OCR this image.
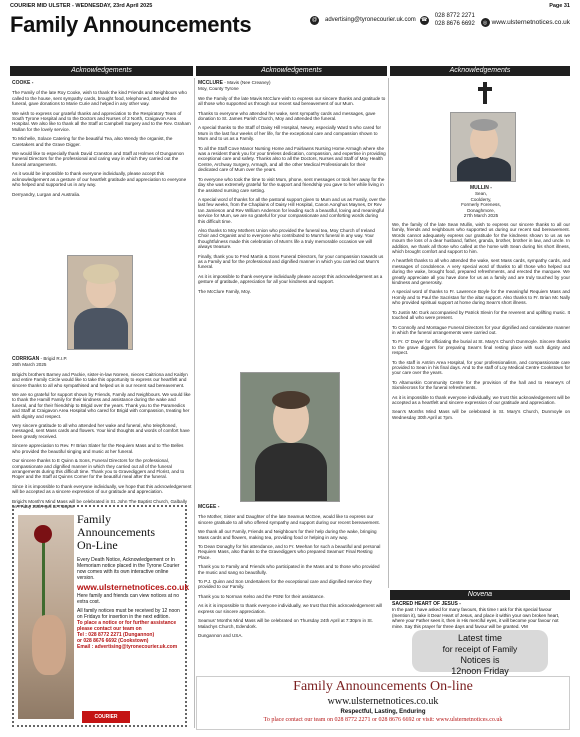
COURIER MID ULSTER - WEDNESDAY, 23rd April 2025	Page 31
Family Announcements	@	advertising@tyronecourier.uk.com ☎
028 8772 2271
028 8676 6692	◎ www.ulsternetnotices.co.uk
Acknowledgements	Acknowledgements	Acknowledgements

COOKE -

The Family of the late Roy Cooke, wish to thank the kind Friends and Neighbours who called to the house, sent sympathy cards, brought food, telephoned, attended the funeral, gave donations to Marie Curie and helped in any other way.

We wish to express our grateful thanks and appreciation to the Respiratory Team of South Tyrone Hospital and to the Doctors and Nurses of 2 North, Craigavon Area Hospital. We also like to thank all the Staff at Campbell Surgery and to the Rev. Graham Mullan for the lovely service.

To Michelle, Solace Catering for the beautiful Tea, also Wendy the organist, the Caretakers and the Grave Digger.

We would like to especially thank David Cranston and Staff at Holmes of Dungannon Funeral Directors for the professional and caring way in which they carried out the funeral arrangements.

As it would be impossible to thank everyone individually, please accept this acknowledgement as a gesture of our heartfelt gratitude and appreciation to everyone who helped and supported us in any way.

Derryandry, Lurgan and Australia.

CORRIGAN - Brigid R.I.P.

26th March 2025

Brigid's brothers Barney and Packie, sister-in-law Noreen, nieces Caitriona and Kaitlyn and entire Family Circle would like to take this opportunity to express our heartfelt and sincere thanks to all who sympathised and helped us in our recent sad bereavement.

We are so grateful for support shown by Friends, Family and Neighbours. We would like to thank the Hamill Family for their kindness and assistance during the wake and funeral, and for their friendship to Brigid over the years. Thank you to the Paramedics and Staff at Craigavon Area Hospital who cared for Brigid with compassion, treating her with dignity and respect.

Very sincere gratitude to all who attended her wake and funeral, who telephoned, messaged, sent Mass cards and flowers. Your kind thoughts and words of comfort have been greatly received.

Sincere appreciation to Rev. Fr Brian Slater for the Requiem Mass and to The Belles who provided the beautiful singing and music at her funeral.

Our sincere thanks to E Quinn & Sons, Funeral Directors for the professional, compassionate and dignified manner in which they carried out all of the funeral arrangements during this difficult time. Thank you to Gravediggers and Florist, and to Roger and the Staff at Quinns Corner for the beautiful meal after the funeral.

Since it is impossible to thank everyone individually, we hope that this acknowledgement will be accepted as a sincere expression of our gratitude and appreciation.

Brigid's Month's Mind Mass will be celebrated in St. John The Baptist Church, Galbally on Friday 25th April at 7.30pm.

Family
Announcements
On-Line
Every Death Notice, Acknowledgement or In Memoriam notice placed in the Tyrone Courier now comes with its own interactive online version.
www.ulsternetnotices.co.uk
Here family and friends can view notices at no extra cost.
All family notices must be received by 12 noon on Fridays for insertion in the next edition.
To place a notice or for further assistance please contact our team on
Tel : 028 8772 2271 (Dungannon)
or 028 8676 6692 (Cookstown)
Email : advertising@tyronecourier.uk.com
COURIER

MCCLURE - Mavis (Nee Creaney)

Moy, County Tyrone

We the Family of the late Mavis McClure wish to express our sincere thanks and gratitude to all those who supported us through our recent sad bereavement of our Mum.

Thanks to everyone who attended her wake, sent sympathy cards and messages, gave donation to St. James Parish Church, Moy and attended the funeral.

A special thanks to the Staff of Daisy Hill Hospital, Newry, especially Ward 5 who cared for Mum in the last four weeks of her life, for the exceptional care and compassion shown to Mum and to us as a Family.

To all the Staff Cove Manor Nursing Home and Fairlawns Nursing Home Armagh where she was a resident thank you for your tireless dedication, compassion, and expertise in providing exceptional care and safety. Thanks also to all the Doctors, Nurses and Staff of Moy Health Centre, Archway Surgery, Armagh, and all the other Medical Professionals for their dedicated care of Mum over the years.

To everyone who took the time to visit Mum, phone, sent messages or took her away for the day she was extremely grateful for the support and friendship you gave to her while living in the assisted nursing care setting.

A special word of thanks for all the pastoral support given to Mum and us as Family, over the last few weeks, from the Chaplains of Daisy Hill Hospital, Canon Aonghus Maynes, Dr Rev Ian Jamieson and Rev William Anderson for leading such a beautiful, loving and meaningful service for Mum, we are so grateful for your compassionate and comforting words during this difficult time.

Also thanks to Moy Mothers Union who provided the funeral tea, Moy Church of Ireland Choir and Organist and to everyone who contributed to Mum's funeral in any way. Your thoughtfulness made this celebration of Mum's life a truly memorable occasion we will always treasure.

Finally, thank you to Fred Martin & Sons Funeral Directors, for your compassion towards us as a Family and for the professional and dignified manner in which you carried out Mum's funeral.

As it is impossible to thank everyone individually please accept this acknowledgement as a gesture of gratitude, appreciation for all your kindness and support.

The McClure Family, Moy.

MCGEE -

The Mother, Sister and Daughter of the late Seamus McGee, would like to express our sincere gratitude to all who offered sympathy and support during our recent bereavement.

We thank all our Family, Friends and Neighbours for their help during the wake, bringing Mass cards and flowers, making tea, providing food or helping in any way.

To Dean Donaghy for his attendance, and to Fr. Meehan for such a beautiful and personal Requiem Mass, also thanks to the Gravediggers who prepared Seamus' Final Resting Place.

Thank you to Family and Friends who participated in the Mass and to those who provided the music and sang so beautifully.

To P.J. Quinn and Son Undertakers for the exceptional care and dignified service they provided to our Family.

Thank you to Norman Kelso and the PSNI for their assistance.

As is it is impossible to thank everyone individually, we trust that this acknowledgement will express our sincere appreciation.

Seamus' Months Mind Mass will be celebrated on Thursday 24th April at 7:30pm in St. Malachys Church, Edendork.

Dungannon and USA.

MULLIN -
Sean,
Coolderry,
Formerly Foreness,
Donaghmore,
27th March 2025

We, the family of the late Sean Mullin, wish to express our sincere thanks to all our family, friends and neighbours who supported us during our recent sad bereavement. Words cannot adequately express our gratitude for the kindness shown to us as we mourn the loss of a dear husband, father, granda, brother, brother in law, and uncle. In addition, we thank all those who called at the home with Sean during his short illness, which brought comfort and support to him.

A heartfelt thanks to all who attended the wake, sent Mass cards, sympathy cards, and messages of condolence. A very special word of thanks to all those who helped out during the wake, brought food, prepared refreshments, and erected the marquee. We greatly appreciate all you have done for us as a family and are truly touched by your kindness and generosity.

A special word of thanks to Fr. Lawrence Boyle for the meaningful Requiem Mass and Homily and to Paul the Sacristan for the altar support. Also thanks to Fr. Brian Mc Nally who provided spiritual support at home during Sean's short illness.

To Justin Mc Gurk accompanied by Patrick Slevin for the reverent and uplifting music. It touched all who were present.

To Connolly and Montague Funeral Directors for your dignified and considerate manner in which the funeral arrangements were carried out.

To Fr. O' Dwyer for officiating the burial at St. Mary's Church Dunmoyle. Sincere thanks to the grave diggers for preparing Sean's final resting place with such dignity and respect.

To the staff in Antrim Area Hospital, for your professionalism, and compassionate care provided to Sean in his final days. And to the staff of Loy Medical Centre Cookstown for your care over the years.

To Altamuskin Community Centre for the provision of the hall and to Heaney's of Sixmilecross for the funeral refreshments.

As it is impossible to thank everyone individually, we trust this acknowledgement will be accepted as a heartfelt and sincere expression of our gratitude and appreciation.

Sean's Months Mind Mass will be celebrated in St. Mary's Church, Dunmoyle on Wednesday 30th April at 7pm.

Novena
SACRED HEART OF JESUS -
In the past I have asked for many favours, this time I ask for this special favour (mention it), take it Dear Heart of Jesus, and place it within your own broken heart, where your Father sees it, then in His merciful eyes, it will become your favour not mine. Say this prayer for three days and favour will be granted. VM
Latest time
for receipt of Family
Notices is
12noon Friday
Family Announcements On-line
www.ulsternetnotices.co.uk
Respectful, Lasting, Enduring
To place contact our team on 028 8772 2271 or 028 8676 6692 or visit: www.ulsternetnotices.co.uk
